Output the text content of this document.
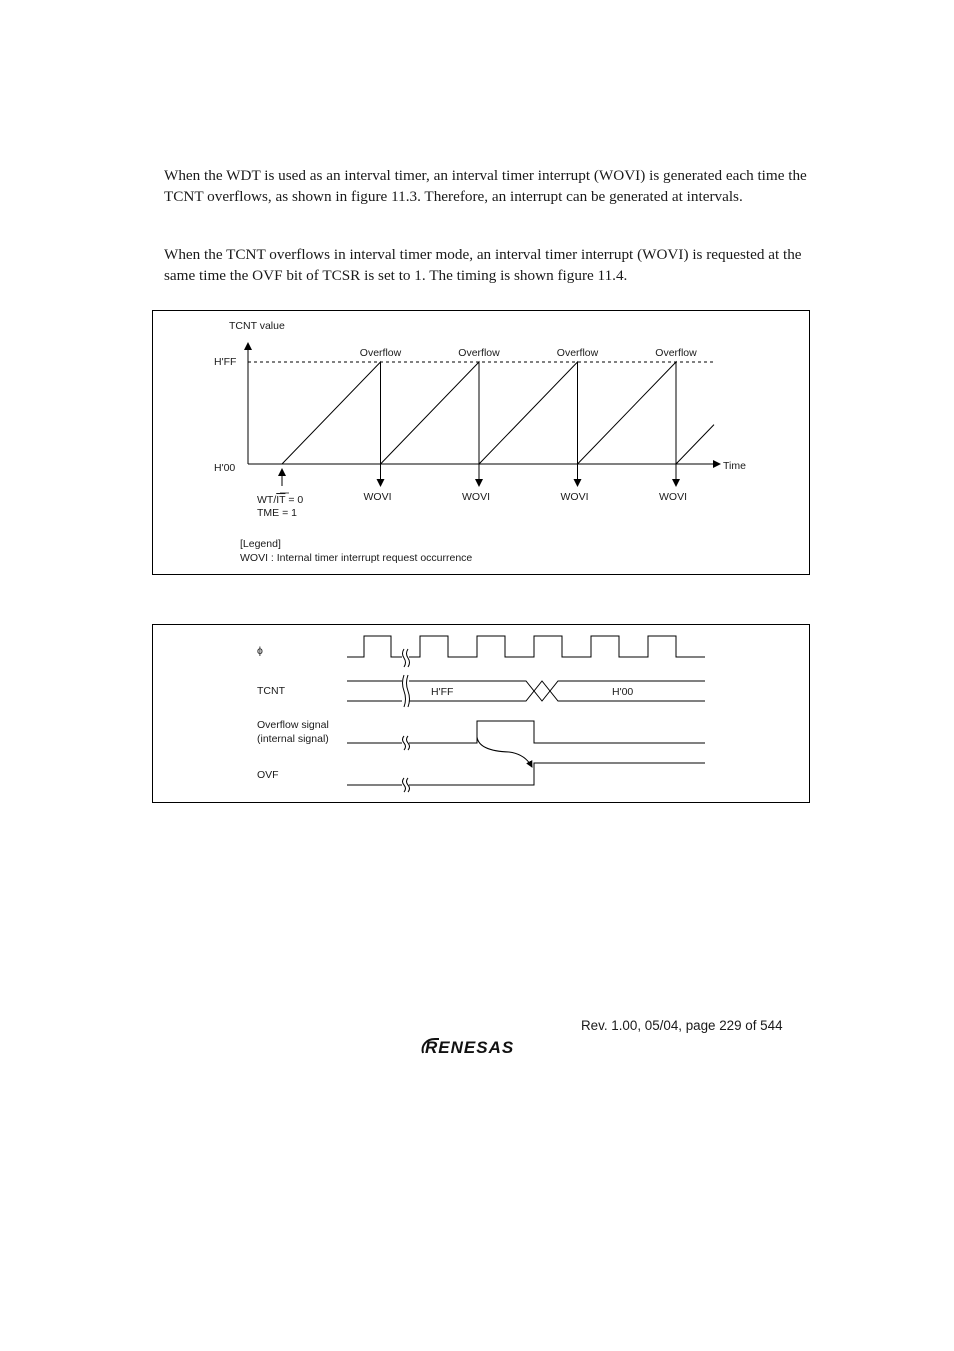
When the WDT is used as an interval timer, an interval timer interrupt (WOVI) is generated each time the TCNT overflows, as shown in figure 11.3. Therefore, an interrupt can be generated at intervals.

When the TCNT overflows in interval timer mode, an interval timer interrupt (WOVI) is requested at the same time the OVF bit of TCSR is set to 1. The timing is shown figure 11.4.

TCNT value
H'FF
H'00	Time
Overflow	Overflow	Overflow	Overflow
WOVI	WOVI	WOVI	WOVI
WT/IT = 0
TME = 1
[Legend]
WOVI : Internal timer interrupt request occurrence
ϕ
TCNT
Overflow signal
(internal signal)
OVF
H'FF	H'00
Rev. 1.00, 05/04, page 229 of 544
RENESAS
